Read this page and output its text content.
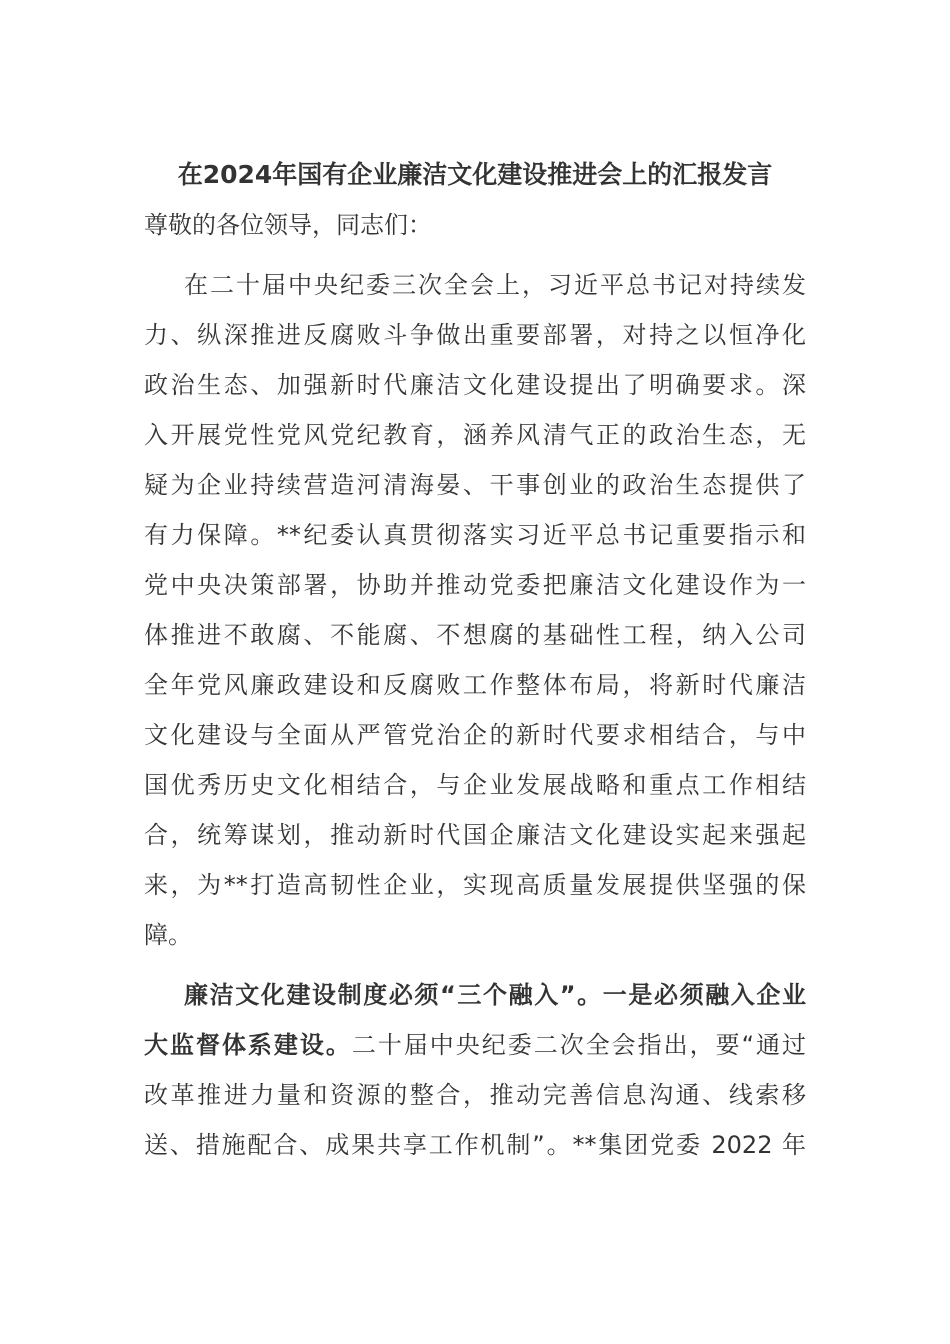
在2024年国有企业廉洁文化建设推进会上的汇报发言

尊敬的各位领导，同志们：

在二十届中央纪委三次全会上，习近平总书记对持续发
力、纵深推进反腐败斗争做出重要部署，对持之以恒净化
政治生态、加强新时代廉洁文化建设提出了明确要求。深
入开展党性党风党纪教育，涵养风清气正的政治生态，无
疑为企业持续营造河清海晏、干事创业的政治生态提供了
有力保障。**纪委认真贯彻落实习近平总书记重要指示和
党中央决策部署，协助并推动党委把廉洁文化建设作为一
体推进不敢腐、不能腐、不想腐的基础性工程，纳入公司
全年党风廉政建设和反腐败工作整体布局，将新时代廉洁
文化建设与全面从严管党治企的新时代要求相结合，与中
国优秀历史文化相结合，与企业发展战略和重点工作相结
合，统筹谋划，推动新时代国企廉洁文化建设实起来强起
来，为**打造高韧性企业，实现高质量发展提供坚强的保
障。
廉洁文化建设制度必须“三个融入”。一是必须融入企业
大监督体系建设。二十届中央纪委二次全会指出，要“通过
改革推进力量和资源的整合，推动完善信息沟通、线索移
送、措施配合、成果共享工作机制”。**集团党委 2022 年
